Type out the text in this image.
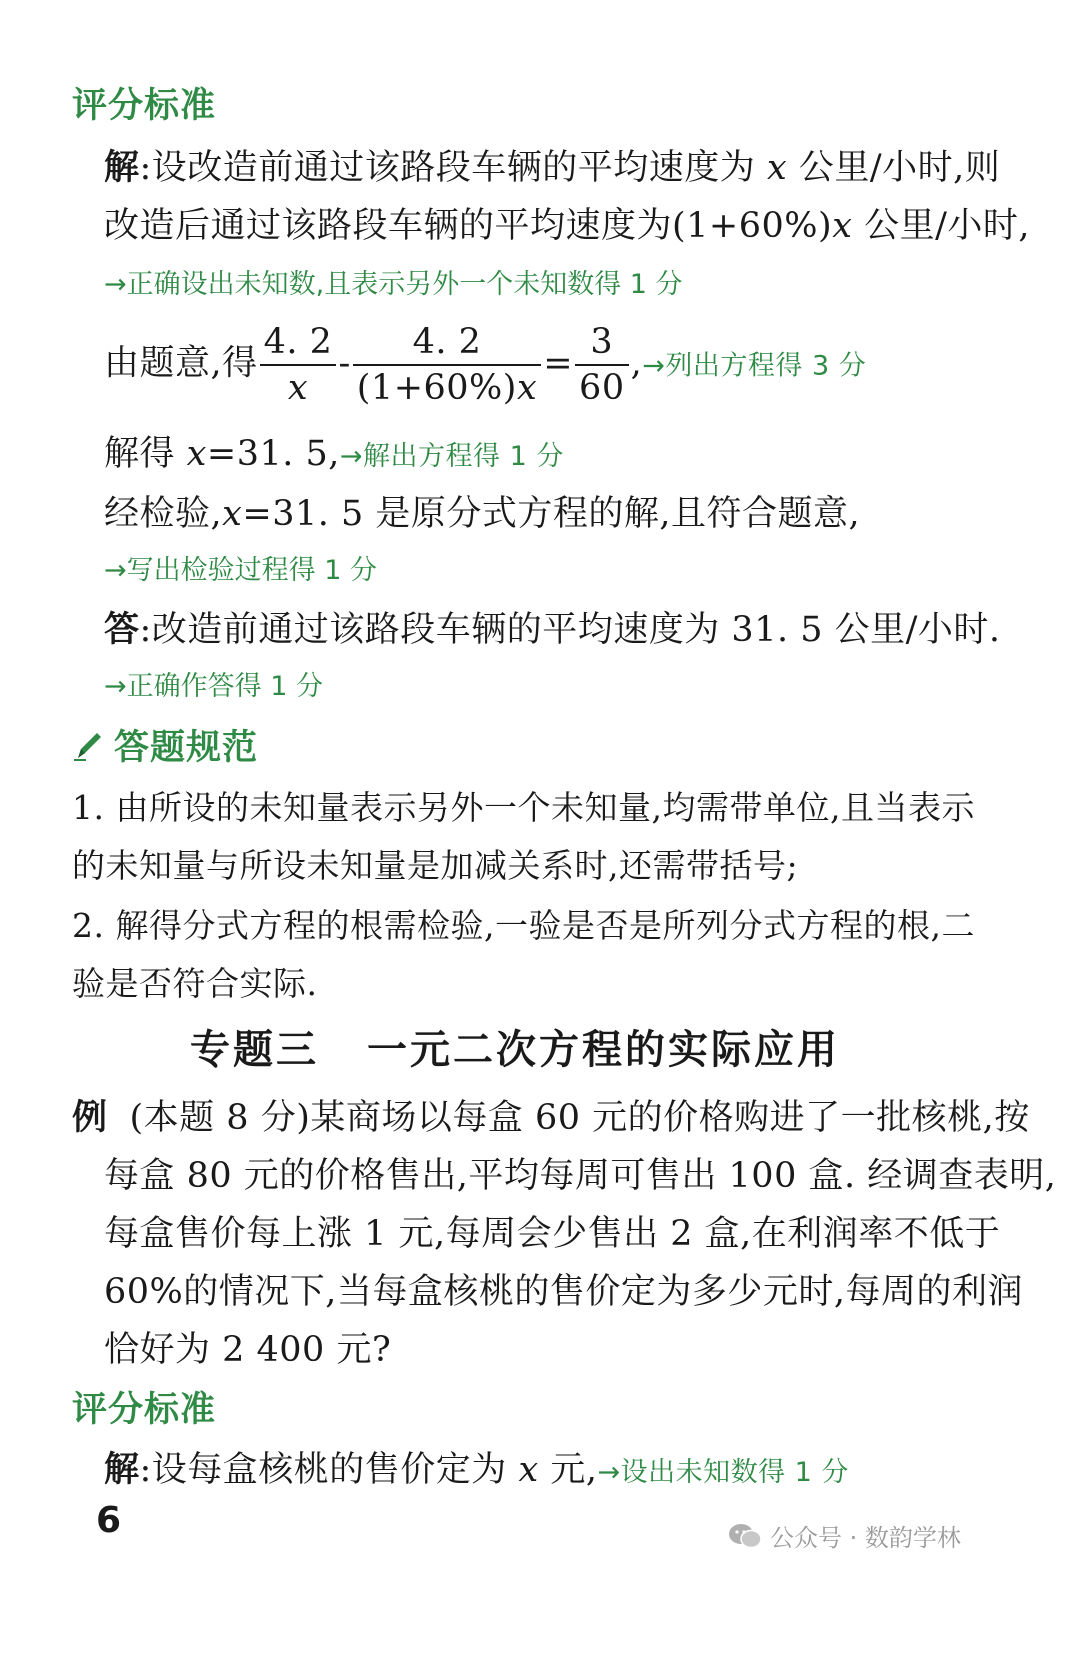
评分标准
解:设改造前通过该路段车辆的平均速度为 x 公里/小时,则
改造后通过该路段车辆的平均速度为(1+60%)x 公里/小时,
→正确设出未知数,且表示另外一个未知数得 1 分
由题意,得 $\frac{4. 2}{x} - \frac{4. 2}{(1+60\%)x} = \frac{3}{60}$ ,→列出方程得 3 分
解得 x=31. 5,→解出方程得 1 分
经检验,x=31. 5 是原分式方程的解,且符合题意,
→写出检验过程得 1 分
答:改造前通过该路段车辆的平均速度为 31. 5 公里/小时.
→正确作答得 1 分
答题规范
1. 由所设的未知量表示另外一个未知量,均需带单位,且当表示
的未知量与所设未知量是加减关系时,还需带括号;
2. 解得分式方程的根需检验,一验是否是所列分式方程的根,二
验是否符合实际.
专题三 一元二次方程的实际应用
例 (本题 8 分)某商场以每盒 60 元的价格购进了一批核桃,按
每盒 80 元的价格售出,平均每周可售出 100 盒. 经调查表明,
每盒售价每上涨 1 元,每周会少售出 2 盒,在利润率不低于
60%的情况下,当每盒核桃的售价定为多少元时,每周的利润
恰好为 2 400 元?
评分标准
解:设每盒核桃的售价定为 x 元,→设出未知数得 1 分
6	公众号 · 数韵学林
